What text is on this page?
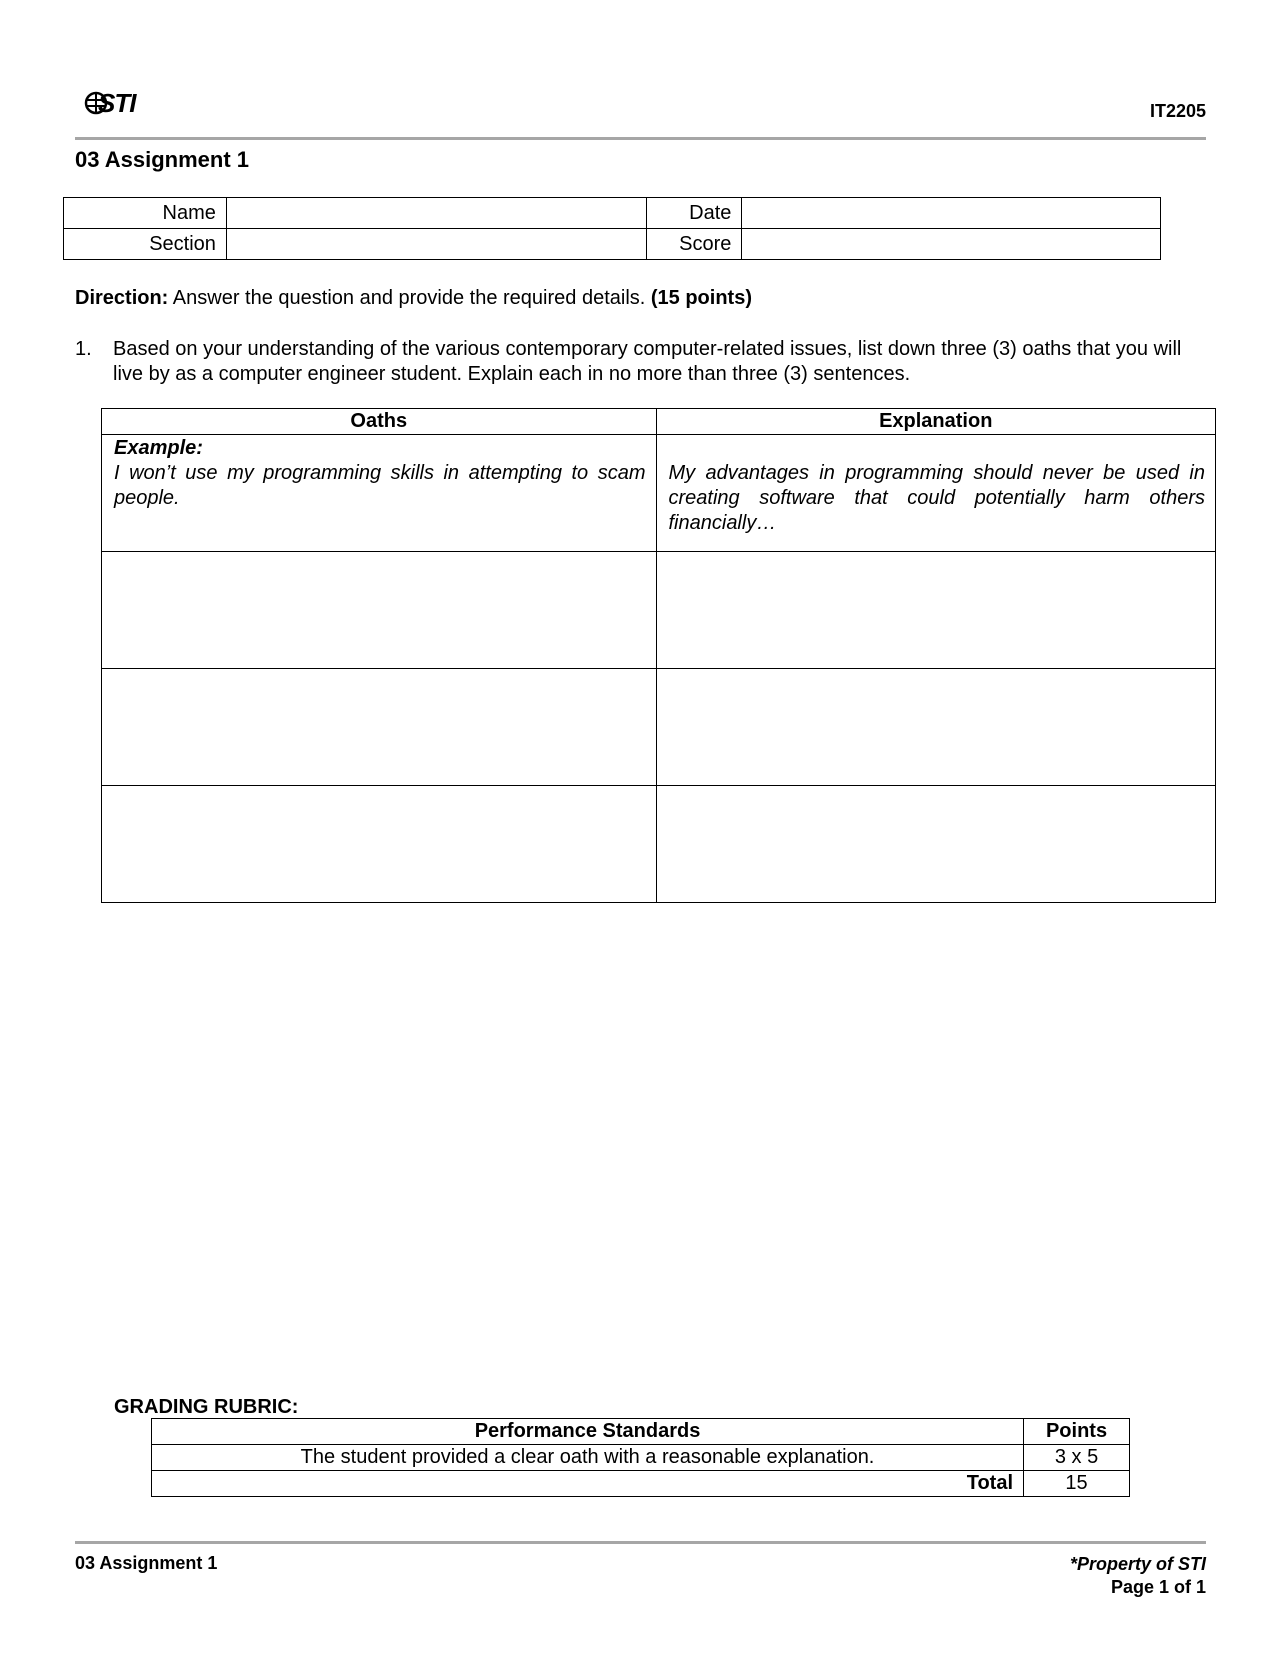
STI	IT2205
03 Assignment 1
Name		Date	
Section		Score	
Direction: Answer the question and provide the required details. (15 points)
1. Based on your understanding of the various contemporary computer-related issues, list down three (3) oaths that you will live by as a computer engineer student. Explain each in no more than three (3) sentences.
Oaths	Explanation

Example:
I won’t use my programming skills in attempting to scam people.	My advantages in programming should never be used in creating software that could potentially harm others financially…

GRADING RUBRIC:
Performance Standards	Points
The student provided a clear oath with a reasonable explanation.	3 x 5
Total	15
03 Assignment 1	*Property of STI
Page 1 of 1
